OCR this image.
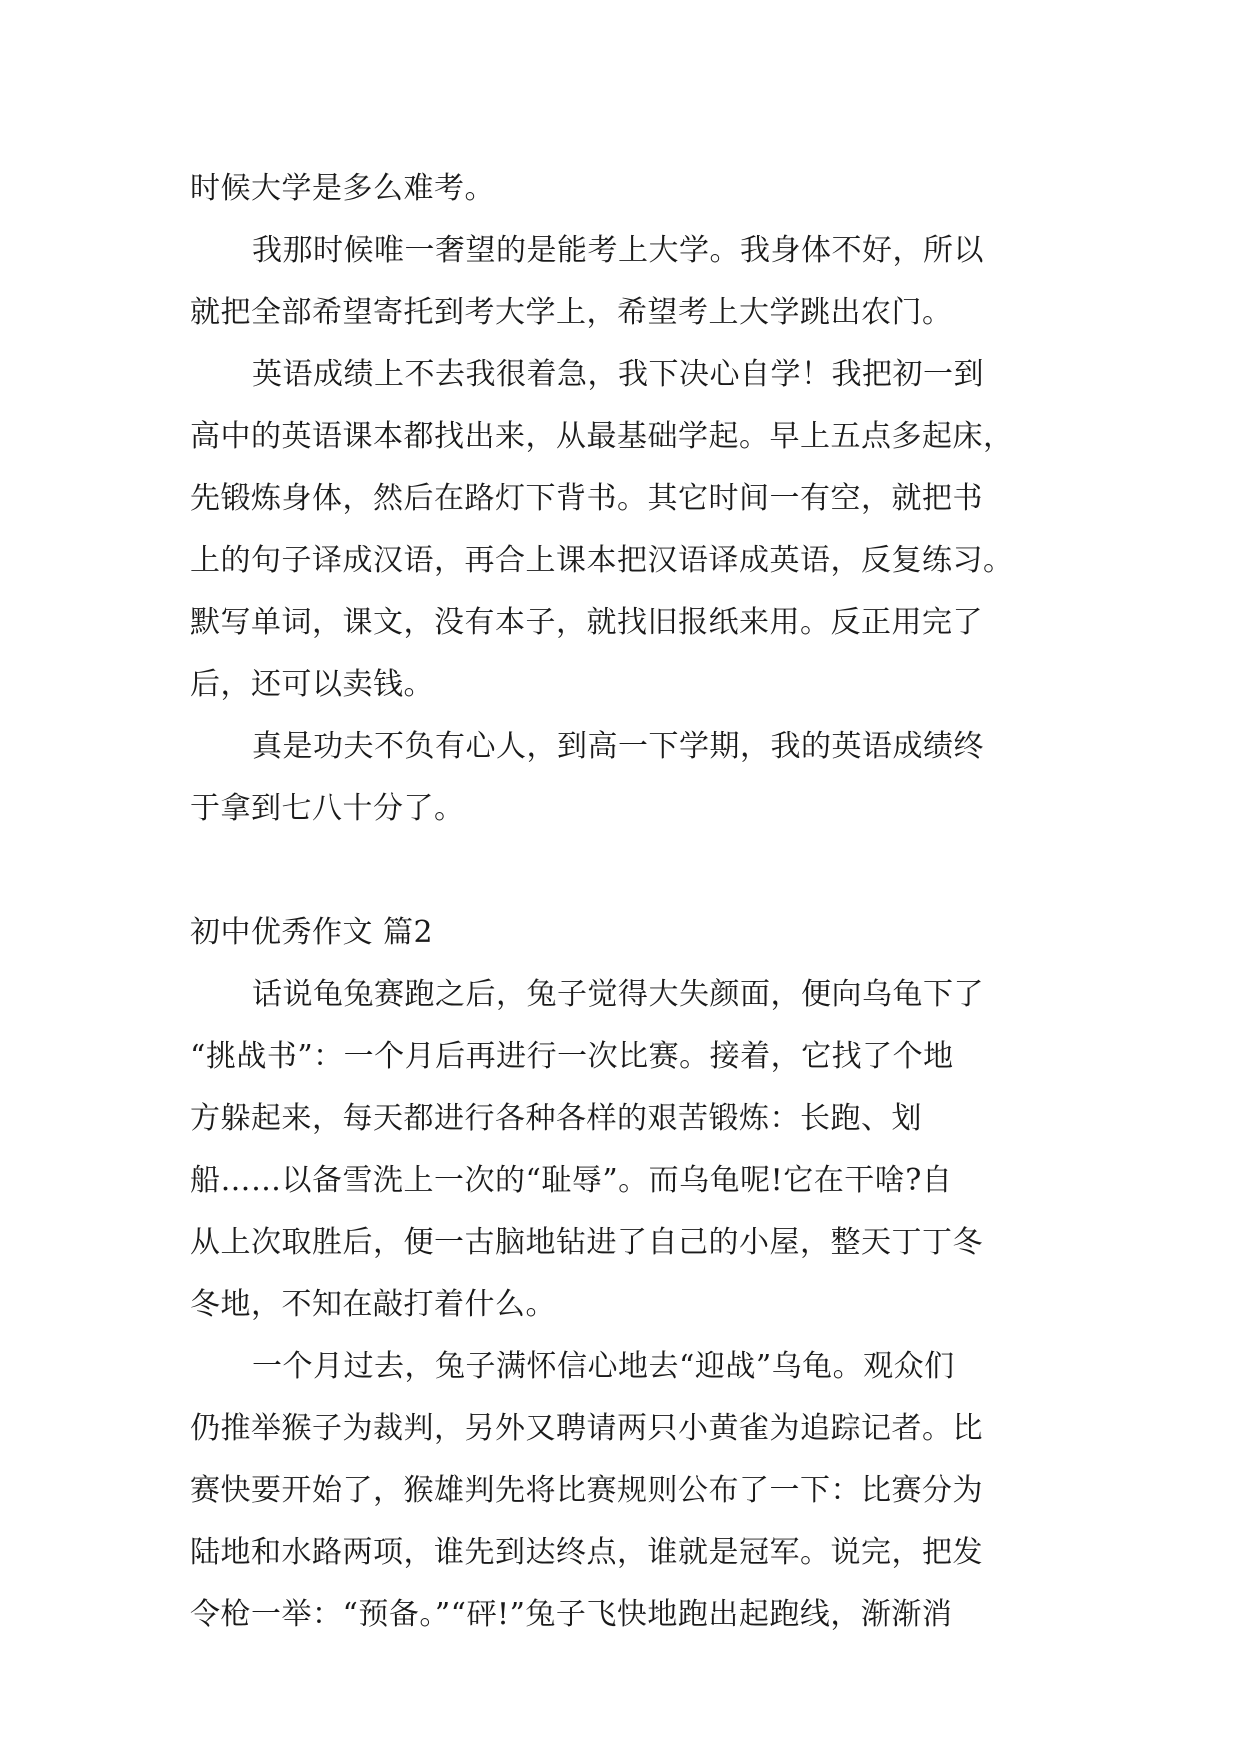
时候大学是多么难考。
我那时候唯一奢望的是能考上大学。我身体不好，所以
就把全部希望寄托到考大学上，希望考上大学跳出农门。
英语成绩上不去我很着急，我下决心自学！我把初一到
高中的英语课本都找出来，从最基础学起。早上五点多起床，
先锻炼身体，然后在路灯下背书。其它时间一有空，就把书
上的句子译成汉语，再合上课本把汉语译成英语，反复练习。
默写单词，课文，没有本子，就找旧报纸来用。反正用完了
后，还可以卖钱。
真是功夫不负有心人，到高一下学期，我的英语成绩终
于拿到七八十分了。
初中优秀作文 篇2
话说龟兔赛跑之后，兔子觉得大失颜面，便向乌龟下了
“挑战书”：一个月后再进行一次比赛。接着，它找了个地
方躲起来，每天都进行各种各样的艰苦锻炼：长跑、划
船……以备雪洗上一次的“耻辱”。而乌龟呢!它在干啥?自
从上次取胜后，便一古脑地钻进了自己的小屋，整天丁丁冬
冬地，不知在敲打着什么。
一个月过去，兔子满怀信心地去“迎战”乌龟。观众们
仍推举猴子为裁判，另外又聘请两只小黄雀为追踪记者。比
赛快要开始了，猴雄判先将比赛规则公布了一下：比赛分为
陆地和水路两项，谁先到达终点，谁就是冠军。说完，把发
令枪一举：“预备。”“砰!”兔子飞快地跑出起跑线，渐渐消
